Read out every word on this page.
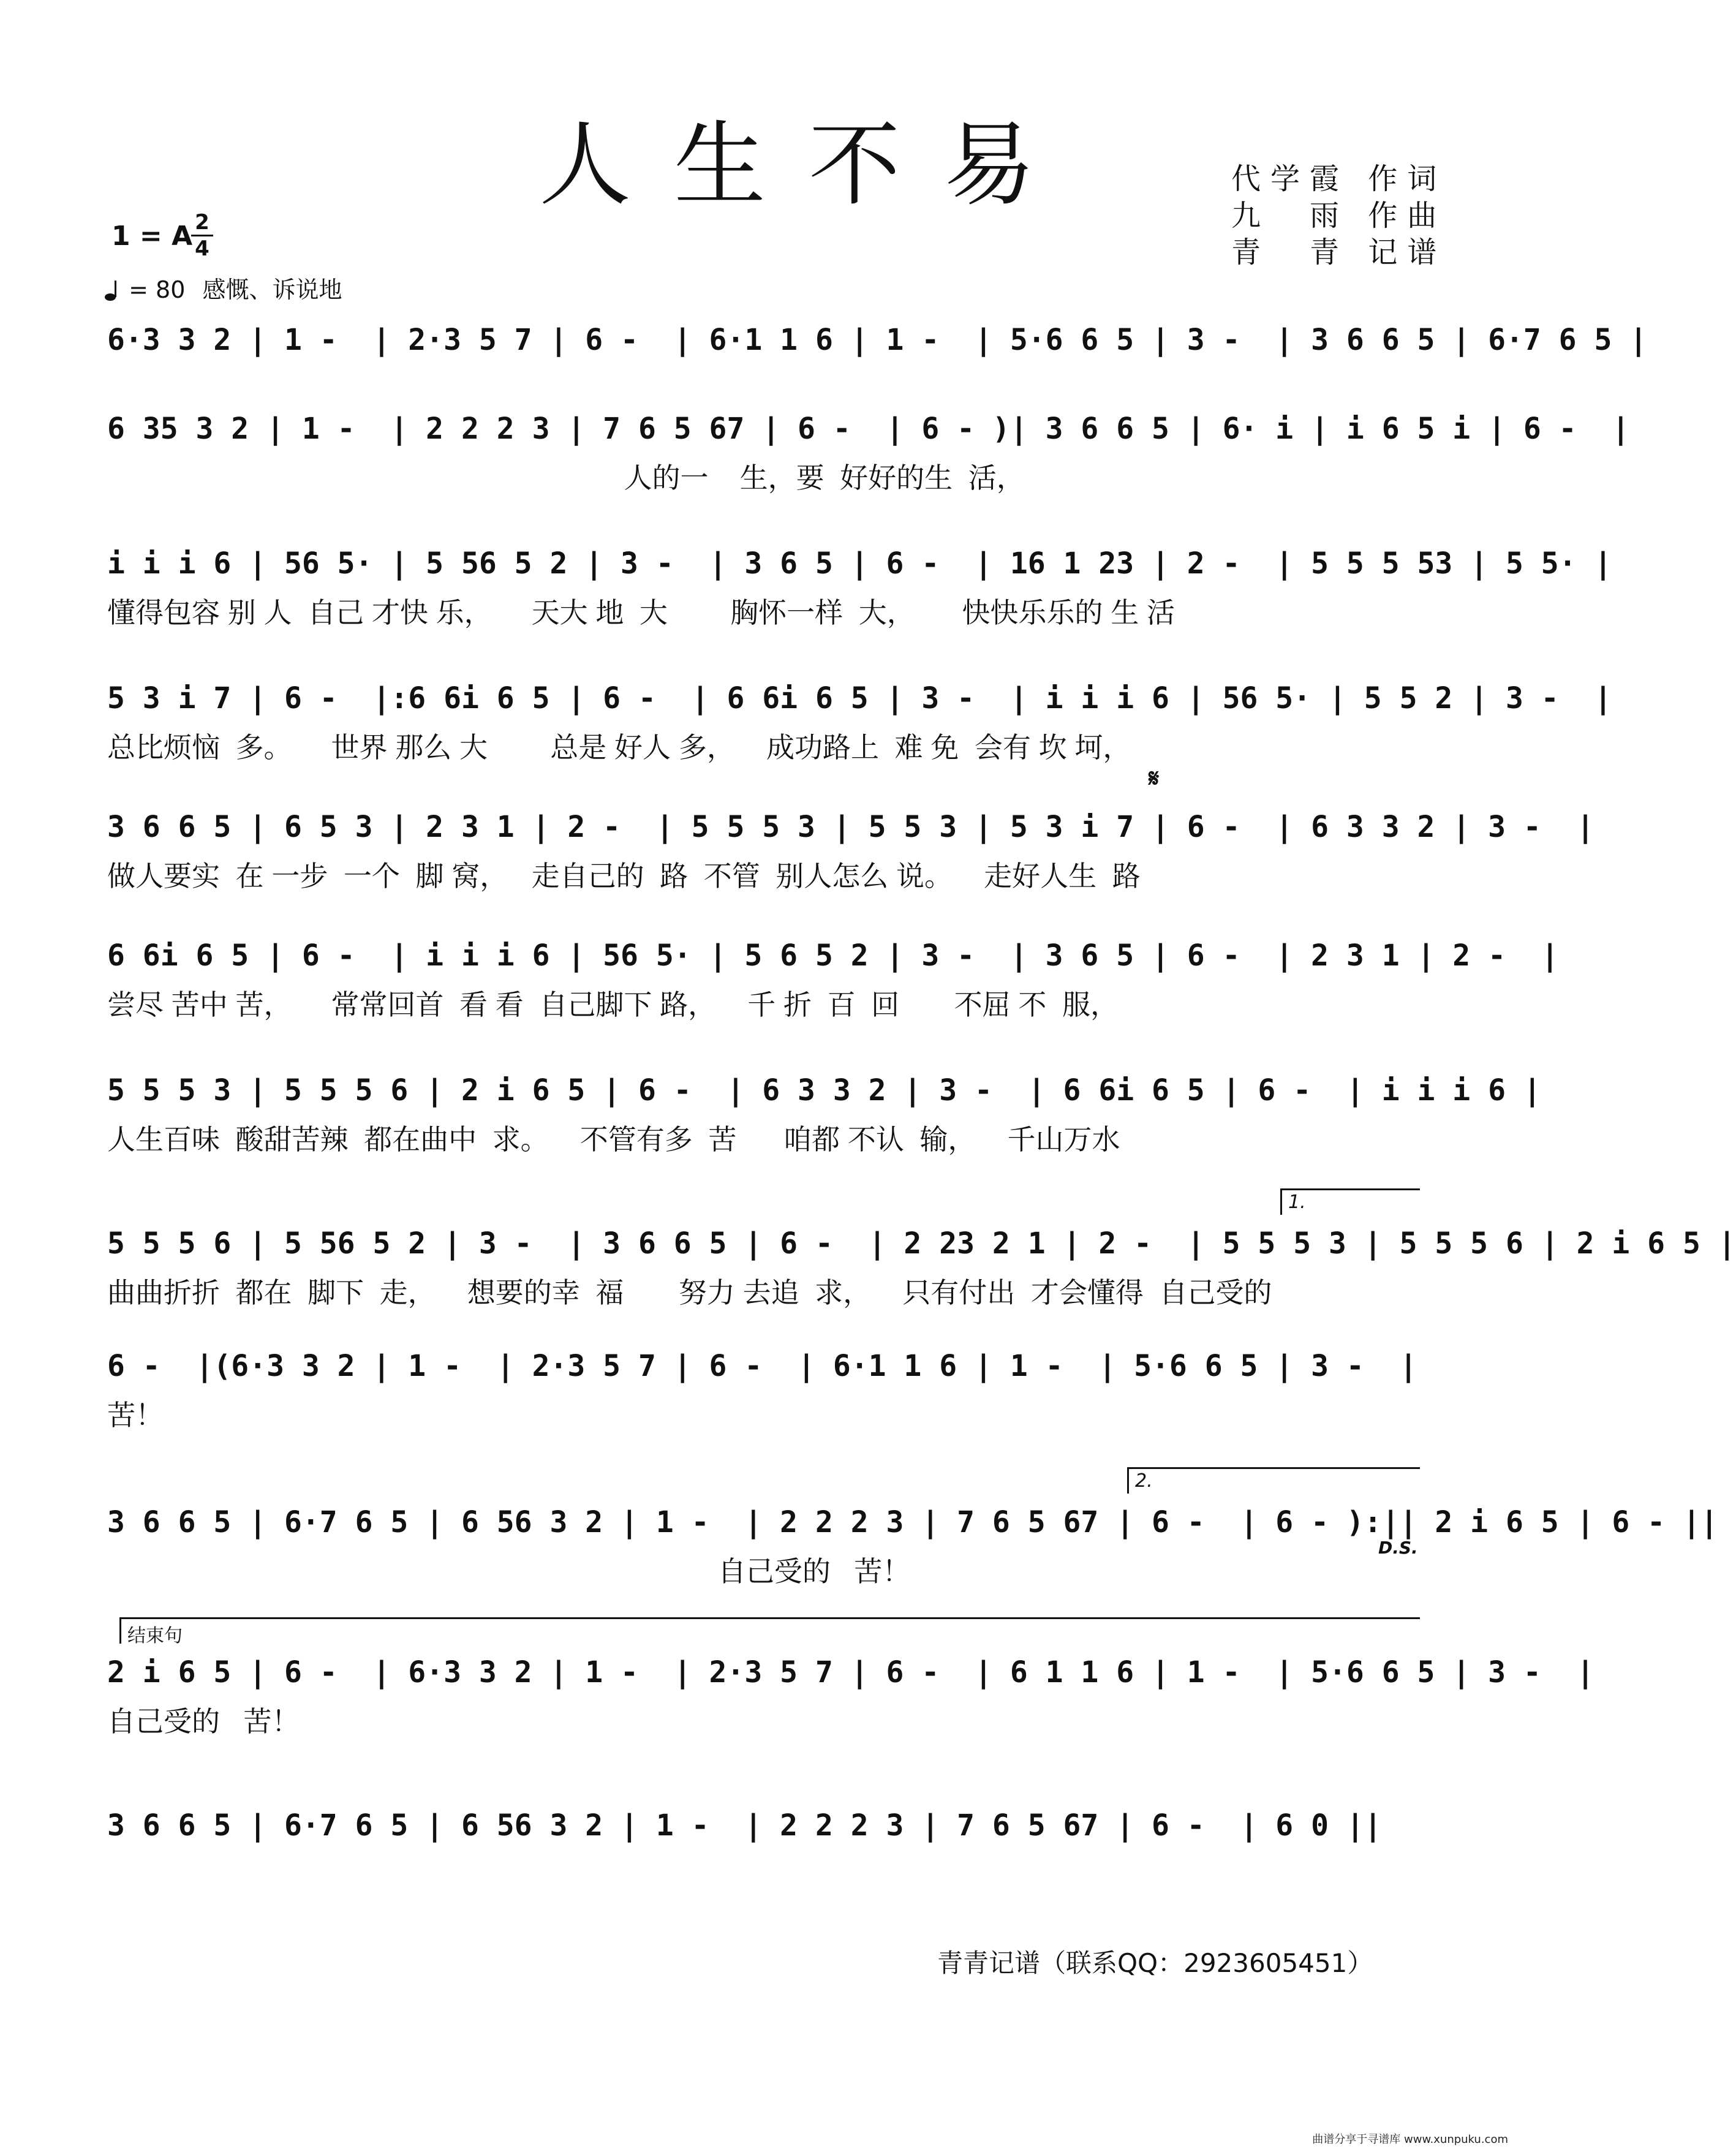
人生不易	代学霞 作词
九　雨 作曲
青　青 记谱
1 = A 2
4
= 80 感慨、诉说地
6·3 3 2 | 1 -  | 2·3 5 7 | 6 -  | 6·1 1 6 | 1 -  | 5·6 6 5 | 3 -  | 3 6 6 5 | 6·7 6 5 |
6 35 3 2 | 1 -  | 2 2 2 3 | 7 6 5 67 | 6 -  | 6 - )| 3 6 6 5 | 6· i | i 6 5 i | 6 -  |
人的一    生，要  好好的生  活，
i i i 6 | 56 5· | 5 56 5 2 | 3 -  | 3 6 5 | 6 -  | 16 1 23 | 2 -  | 5 5 5 53 | 5 5· |
懂得包容 别 人  自己 才快 乐，     天大 地  大        胸怀一样  大，      快快乐乐的 生 活
5 3 i 7 | 6 -  |:6 6i 6 5 | 6 -  | 6 6i 6 5 | 3 -  | i i i 6 | 56 5· | 5 5 2 | 3 -  |
总比烦恼  多。     世界 那么 大        总是 好人 多，    成功路上  难 免  会有 坎 坷，
𝄋
3 6 6 5 | 6 5 3 | 2 3 1 | 2 -  | 5 5 5 3 | 5 5 3 | 5 3 i 7 | 6 -  | 6 3 3 2 | 3 -  |
做人要实  在 一步  一个  脚 窝，   走自己的  路  不管  别人怎么 说。    走好人生  路
6 6i 6 5 | 6 -  | i i i 6 | 56 5· | 5 6 5 2 | 3 -  | 3 6 5 | 6 -  | 2 3 1 | 2 -  |
尝尽 苦中 苦，     常常回首  看 看  自己脚下 路，    千 折  百  回       不屈 不  服，
5 5 5 3 | 5 5 5 6 | 2 i 6 5 | 6 -  | 6 3 3 2 | 3 -  | 6 6i 6 5 | 6 -  | i i i 6 |
人生百味  酸甜苦辣  都在曲中  求。    不管有多  苦      咱都 不认  输，    千山万水
1.
5 5 5 6 | 5 56 5 2 | 3 -  | 3 6 6 5 | 6 -  | 2 23 2 1 | 2 -  | 5 5 5 3 | 5 5 5 6 | 2 i 6 5 |
曲曲折折  都在  脚下  走，    想要的幸  福       努力 去追  求，    只有付出  才会懂得  自己受的
6 -  |(6·3 3 2 | 1 -  | 2·3 5 7 | 6 -  | 6·1 1 6 | 1 -  | 5·6 6 5 | 3 -  |
苦！
2.
3 6 6 5 | 6·7 6 5 | 6 56 3 2 | 1 -  | 2 2 2 3 | 7 6 5 67 | 6 -  | 6 - ):|| 2 i 6 5 | 6 - ||
自己受的   苦！
D.S.
结束句
2 i 6 5 | 6 -  | 6·3 3 2 | 1 -  | 2·3 5 7 | 6 -  | 6 1 1 6 | 1 -  | 5·6 6 5 | 3 -  |
自己受的   苦！
3 6 6 5 | 6·7 6 5 | 6 56 3 2 | 1 -  | 2 2 2 3 | 7 6 5 67 | 6 -  | 6 0 ||
青青记谱（联系QQ：2923605451）
曲谱分享于寻谱库 www.xunpuku.com
